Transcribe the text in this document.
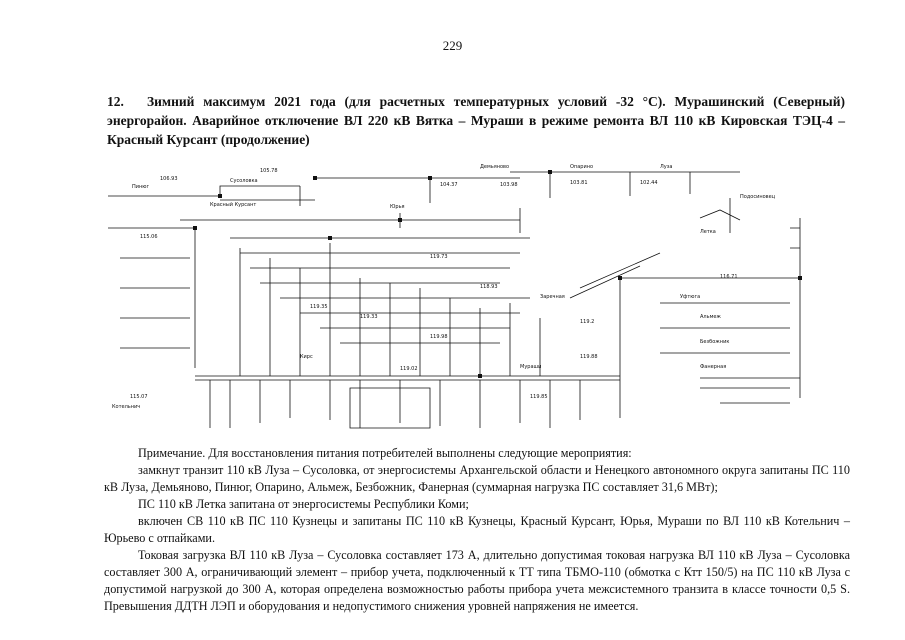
229
12. Зимний максимум 2021 года (для расчетных температурных условий -32 °С). Мурашинский (Северный) энергорайон. Аварийное отключение ВЛ 220 кВ Вятка – Мураши в режиме ремонта ВЛ 110 кВ Кировская ТЭЦ-4 – Красный Курсант (продолжение)
Пинюг
Сусоловка
Красный Курсант	Юрья
Летка
Подосиновец
Демьяново
Котельнич
Опарино
Кирс
Луза
Мураши
Заречная	Уфтюга
Альмеж
Безбожник
Фанерная
105.78
106.93
104.37	103.98	103.81	102.44
115.06
116.71
119.73
118.93
119.33
119.98
119.88
119.02
119.35
115.07
119.2
119.85

Примечание. Для восстановления питания потребителей выполнены следующие мероприятия:

замкнут транзит 110 кВ Луза – Сусоловка, от энергосистемы Архангельской области и Ненецкого автономного округа запитаны ПС 110 кВ Луза, Демьяново, Пинюг, Опарино, Альмеж, Безбожник, Фанерная (суммарная нагрузка ПС составляет 31,6 МВт);

ПС 110 кВ Летка запитана от энергосистемы Республики Коми;

включен СВ 110 кВ ПС 110 Кузнецы и запитаны ПС 110 кВ Кузнецы, Красный Курсант, Юрья, Мураши по ВЛ 110 кВ Котельнич – Юрьево с отпайками.

Токовая загрузка ВЛ 110 кВ Луза – Сусоловка составляет 173 А, длительно допустимая токовая нагрузка ВЛ 110 кВ Луза – Сусоловка составляет 300 А, ограничивающий элемент – прибор учета, подключенный к ТТ типа ТБМО-110 (обмотка с Ктт 150/5) на ПС 110 кВ Луза с допустимой нагрузкой до 300 А, которая определена возможностью работы прибора учета межсистемного транзита в классе точности 0,5 S. Превышения ДДТН ЛЭП и оборудования и недопустимого снижения уровней напряжения не имеется.
